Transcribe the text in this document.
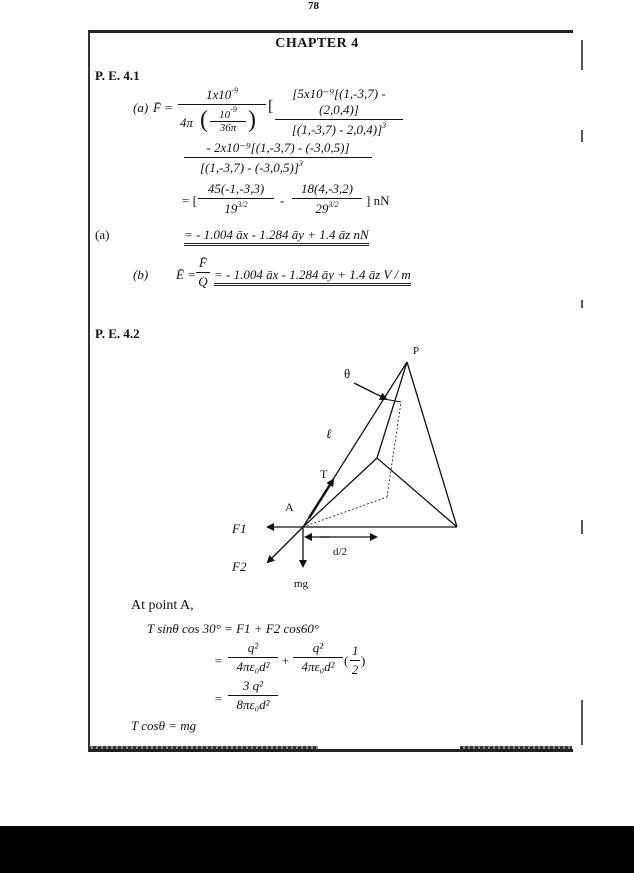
78
CHAPTER 4
P. E. 4.1
(a) F̄ = $1x10^{-9}$
4π (	$10^{-9}$
36π ) [ $\frac{\text{[5x10⁻⁹[(1,-3,7) - (2,0,4)]}}{[(1,-3,7) - 2,0,4)]^3}$
$\frac{\text{- 2x10⁻⁹[(1,-3,7) - (-3,0,5)]}}{[(1,-3,7) - (-3,0,5)]^3}$
= [ $\frac{45(-1,-3,3)}{19^{3/2}} - \frac{18(4,-3,2)}{29^{3/2}}$ ] nN
(a)	= - 1.004 āx - 1.284 āy + 1.4 āz nN
(b) Ē = $\frac{F̄}{Q}$ = - 1.004 āx - 1.284 āy + 1.4 āz V / m
P. E. 4.2
P
θ
ℓ
T
A
F1
d/2
F2
mg
At point A,
T sinθ cos 30° = F1 + F2 cos60°
= $\frac{\text{q²}}{\text{4πε₀d²}} + \frac{\text{q²}}{\text{4πε₀d²}}$ ( $\frac{1}{2}$ )
= $\frac{\text{3 q²}}{\text{8πε₀d²}}$
T cosθ = mg
